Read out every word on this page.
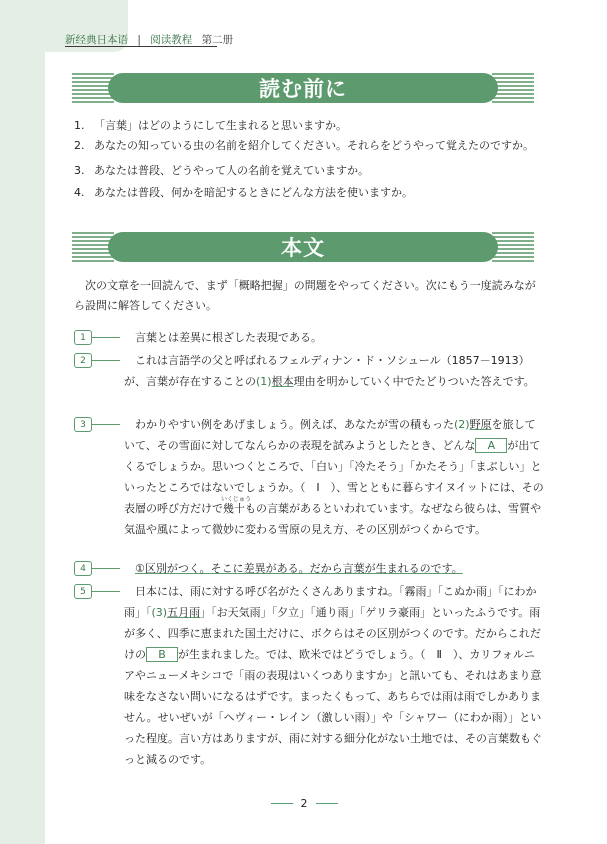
新经典日本语 | 阅读教程 第二册
読む前に
1. 「言葉」はどのようにして生まれると思いますか。
2. あなたの知っている虫の名前を紹介してください。それらをどうやって覚えたのですか。
3. あなたは普段、どうやって人の名前を覚えていますか。
4. あなたは普段、何かを暗記するときにどんな方法を使いますか。
本文
次の文章を一回読んで、まず「概略把握」の問題をやってください。次にもう一度読みながら設問に解答してください。
1	言葉とは差異に根ざした表現である。
2	これは言語学の父と呼ばれるフェルディナン・ド・ソシュール（1857－1913）が、言葉が存在することの(1)根本理由を明かしていく中でたどりついた答えです。
3	わかりやすい例をあげましょう。例えば、あなたが雪の積もった(2)野原を旅していて、その雪面に対してなんらかの表現を試みようとしたとき、どんな A が出てくるでしょうか。思いつくところで、「白い」「冷たそう」「かたそう」「まぶしい」といったところではないでしょうか。（　Ⅰ　）、雪とともに暮らすイヌイットには、その表層の呼び方だけで
いくじゅう
幾十もの言葉があるといわれています。なぜなら彼らは、雪質や気温や風によって微妙に変わる雪原の見え方、その区別がつくからです。
4	①区別がつく。そこに差異がある。だから言葉が生まれるのです。
5	日本には、雨に対する呼び名がたくさんありますね。「霧雨」「こぬか雨」「にわか雨」「(3)五月雨」「お天気雨」「夕立」「通り雨」「ゲリラ豪雨」といったふうです。雨が多く、四季に恵まれた国土だけに、ボクらはその区別がつくのです。だからこれだけの B が生まれました。では、欧米ではどうでしょう。（　Ⅱ　）、カリフォルニアやニューメキシコで「雨の表現はいくつありますか」と訊いても、それはあまり意味をなさない問いになるはずです。まったくもって、あちらでは雨は雨でしかありません。せいぜいが「ヘヴィー・レイン（激しい雨）」や「シャワー（にわか雨）」といった程度。言い方はありますが、雨に対する細分化がない土地では、その言葉数もぐっと減るのです。
2
